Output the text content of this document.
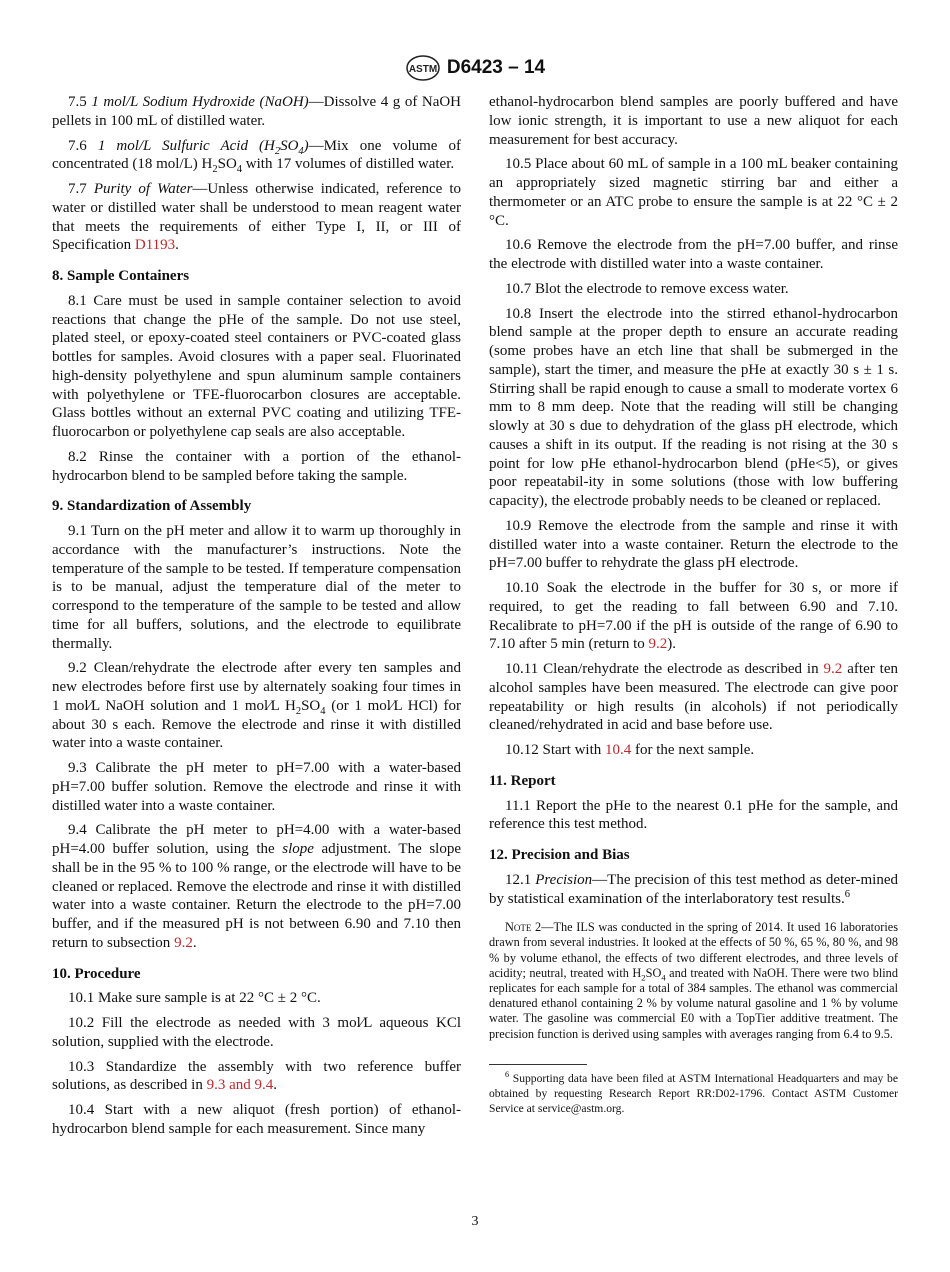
ASTM D6423 – 14
7.5 1 mol/L Sodium Hydroxide (NaOH)—Dissolve 4 g of NaOH pellets in 100 mL of distilled water.
7.6 1 mol/L Sulfuric Acid $(H_2SO_4)—Mix$ one volume of concentrated (18 mol/L) $H_2SO_4$ with 17 volumes of distilled water.
7.7 Purity of Water—Unless otherwise indicated, reference to water or distilled water shall be understood to mean reagent water that meets the requirements of either Type I, II, or III of Specification D1193.
8. Sample Containers
8.1 Care must be used in sample container selection to avoid reactions that change the pHe of the sample. Do not use steel, plated steel, or epoxy-coated steel containers or PVC-coated glass bottles for samples. Avoid closures with a paper seal. Fluorinated high-density polyethylene and spun aluminum sample containers with polyethylene or TFE-fluorocarbon closures are acceptable. Glass bottles without an external PVC coating and utilizing TFE-fluorocarbon or polyethylene cap seals are also acceptable.
8.2 Rinse the container with a portion of the ethanol-hydrocarbon blend to be sampled before taking the sample.
9. Standardization of Assembly
9.1 Turn on the pH meter and allow it to warm up thoroughly in accordance with the manufacturer’s instructions. Note the temperature of the sample to be tested. If temperature compensation is to be manual, adjust the temperature dial of the meter to correspond to the temperature of the sample to be tested and allow time for all buffers, solutions, and the electrode to equilibrate thermally.
9.2 Clean/rehydrate the electrode after every ten samples and new electrodes before first use by alternately soaking four times in 1 mol⁄L NaOH solution and 1 mol⁄L $H_2SO_4$ (or 1 mol⁄L HCl) for about 30 s each. Remove the electrode and rinse it with distilled water into a waste container.
9.3 Calibrate the pH meter to pH=7.00 with a water-based pH=7.00 buffer solution. Remove the electrode and rinse it with distilled water into a waste container.
9.4 Calibrate the pH meter to pH=4.00 with a water-based pH=4.00 buffer solution, using the slope adjustment. The slope shall be in the 95 % to 100 % range, or the electrode will have to be cleaned or replaced. Remove the electrode and rinse it with distilled water into a waste container. Return the electrode to the pH=7.00 buffer, and if the measured pH is not between 6.90 and 7.10 then return to subsection 9.2.
10. Procedure
10.1 Make sure sample is at 22 °C ± 2 °C.
10.2 Fill the electrode as needed with 3 mol⁄L aqueous KCl solution, supplied with the electrode.
10.3 Standardize the assembly with two reference buffer solutions, as described in 9.3 and 9.4.
10.4 Start with a new aliquot (fresh portion) of ethanol-hydrocarbon blend sample for each measurement. Since many
ethanol-hydrocarbon blend samples are poorly buffered and have low ionic strength, it is important to use a new aliquot for each measurement for best accuracy.
10.5 Place about 60 mL of sample in a 100 mL beaker containing an appropriately sized magnetic stirring bar and either a thermometer or an ATC probe to ensure the sample is at 22 °C ± 2 °C.
10.6 Remove the electrode from the pH=7.00 buffer, and rinse the electrode with distilled water into a waste container.
10.7 Blot the electrode to remove excess water.
10.8 Insert the electrode into the stirred ethanol-hydrocarbon blend sample at the proper depth to ensure an accurate reading (some probes have an etch line that shall be submerged in the sample), start the timer, and measure the pHe at exactly 30 s ± 1 s. Stirring shall be rapid enough to cause a small to moderate vortex 6 mm to 8 mm deep. Note that the reading will still be changing slowly at 30 s due to dehydration of the glass pH electrode, which causes a shift in its output. If the reading is not rising at the 30 s point for low pHe ethanol-hydrocarbon blend (pHe<5), or gives poor repeatabil-ity in some solutions (those with low buffering capacity), the electrode probably needs to be cleaned or replaced.
10.9 Remove the electrode from the sample and rinse it with distilled water into a waste container. Return the electrode to the pH=7.00 buffer to rehydrate the glass pH electrode.
10.10 Soak the electrode in the buffer for 30 s, or more if required, to get the reading to fall between 6.90 and 7.10. Recalibrate to pH=7.00 if the pH is outside of the range of 6.90 to 7.10 after 5 min (return to 9.2).
10.11 Clean/rehydrate the electrode as described in 9.2 after ten alcohol samples have been measured. The electrode can give poor repeatability or high results (in alcohols) if not periodically cleaned/rehydrated in acid and base before use.
10.12 Start with 10.4 for the next sample.
11. Report
11.1 Report the pHe to the nearest 0.1 pHe for the sample, and reference this test method.
12. Precision and Bias
12.1 Precision—The precision of this test method as deter-mined by statistical examination of the interlaboratory test results.$^6$
Note 2—The ILS was conducted in the spring of 2014. It used 16 laboratories drawn from several industries. It looked at the effects of 50 %, 65 %, 80 %, and 98 % by volume ethanol, the effects of two different electrodes, and three levels of acidity; neutral, treated with $H_2SO_4$ and treated with NaOH. There were two blind replicates for each sample for a total of 384 samples. The ethanol was commercial denatured ethanol containing 2 % by volume natural gasoline and 1 % by volume water. The gasoline was commercial E0 with a TopTier additive treatment. The precision function is derived using samples with averages ranging from 6.4 to 9.5.
$^6$ Supporting data have been filed at ASTM International Headquarters and may be obtained by requesting Research Report RR:D02-1796. Contact ASTM Customer Service at service@astm.org.
3
